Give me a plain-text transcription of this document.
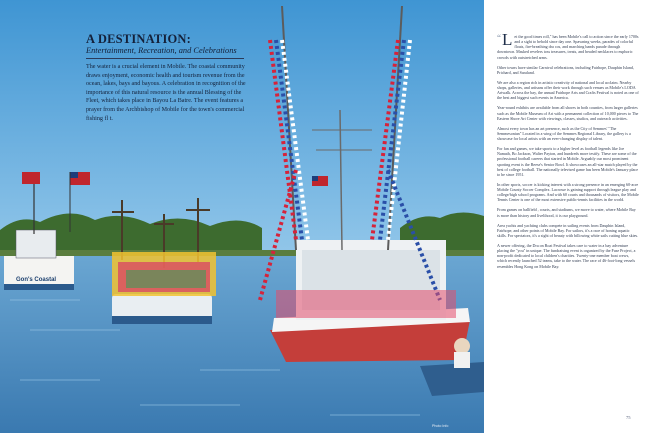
Gon's Coastal
A DESTINATION:
Entertainment, Recreation, and Celebrations
The water is a crucial element in Mobile. The coastal community draws enjoyment, economic health and tourism revenue from the ocean, lakes, bays and bayous. A celebration in recognition of the importance of this natural resource is the annual Blessing of the Fleet, which takes place in Bayou La Batre. The event features a prayer from the Archbishop of Mobile for the town's commercial fishing fl t.
Photo Info

“ L et the good times roll," has been Mobile's call to action since the early 1700s and a sight to behold since day one. Spawning weeks, parades of colorful floats, fire-breathing dra cos, and marching bands parade through downtown. Masked revelers toss treasures, treats, and beaded necklaces to euphoric crowds with outstretched arms.

Other towns have similar Carnival celebrations, including Fairhope, Dauphin Island, Prichard, and Saraland.

We are also a region rich in artistic creativity of national and local acclaim. Nearby shops, galleries, and artisans offer their work through such venues as Mobile's LODA Artwalk. Across the bay, the annual Fairhope Arts and Crafts Festival is noted as one of the best and biggest such events in America.

Year-round exhibits are available from all shores in both counties, from larger galleries such as the Mobile Museum of Art with a permanent collection of 10,000 pieces to The Eastern Shore Art Center with viewings, classes, studios, and outreach activities.

Almost every town has an art presence, such as the City of Semmes' "The Semmesonian" Located in a wing of the Semmes Regional Library, the gallery is a showcase for local artists with an ever-changing display of talent.

For fan and games, we take sports to a higher level as football legends like Joe Namath, Bo Jackson, Walter Payton, and hundreds more testify. These are some of the professional football careers that started in Mobile. Arguably our most prominent sporting event is the Reese's Senior Bowl. It showcases an all-star match played by the best of college football. The nationally televised game has been Mobile's January place to be since 1951.

In other sports, soccer is kicking interest with a strong presence in an emerging 60-acre Mobile County Soccer Complex. Lacrosse is gaining support through league play and college/high school programs. And with 60 courts and thousands of visitors, the Mobile Tennis Center is one of the most extensive public-tennis facilities in the world.

From games on ballfield , courts, and stadiums, we move to water, where Mobile Bay is more than history and livelihood, it is our playground.

Area yachts and yachting clubs compete in sailing events from Dauphin Island, Fairhope, and other points of Mobile Bay. For sailors, it's a race of honing aquatic skills. For spectators, it's a sight of beauty with billowing white sails cutting blue skies.

A newer offering, the Dra on Boat Festival takes care to water in a bay adventure placing the "you" in unique. The fundraising event is organized by the Fuse Project, a non-profit dedicated to local children's charities. Twenty-one member boat crews, which recently launched 52 teams, take to the water. The race of 46-foot-long vessels resembles Hong Kong on Mobile Bay.

75
